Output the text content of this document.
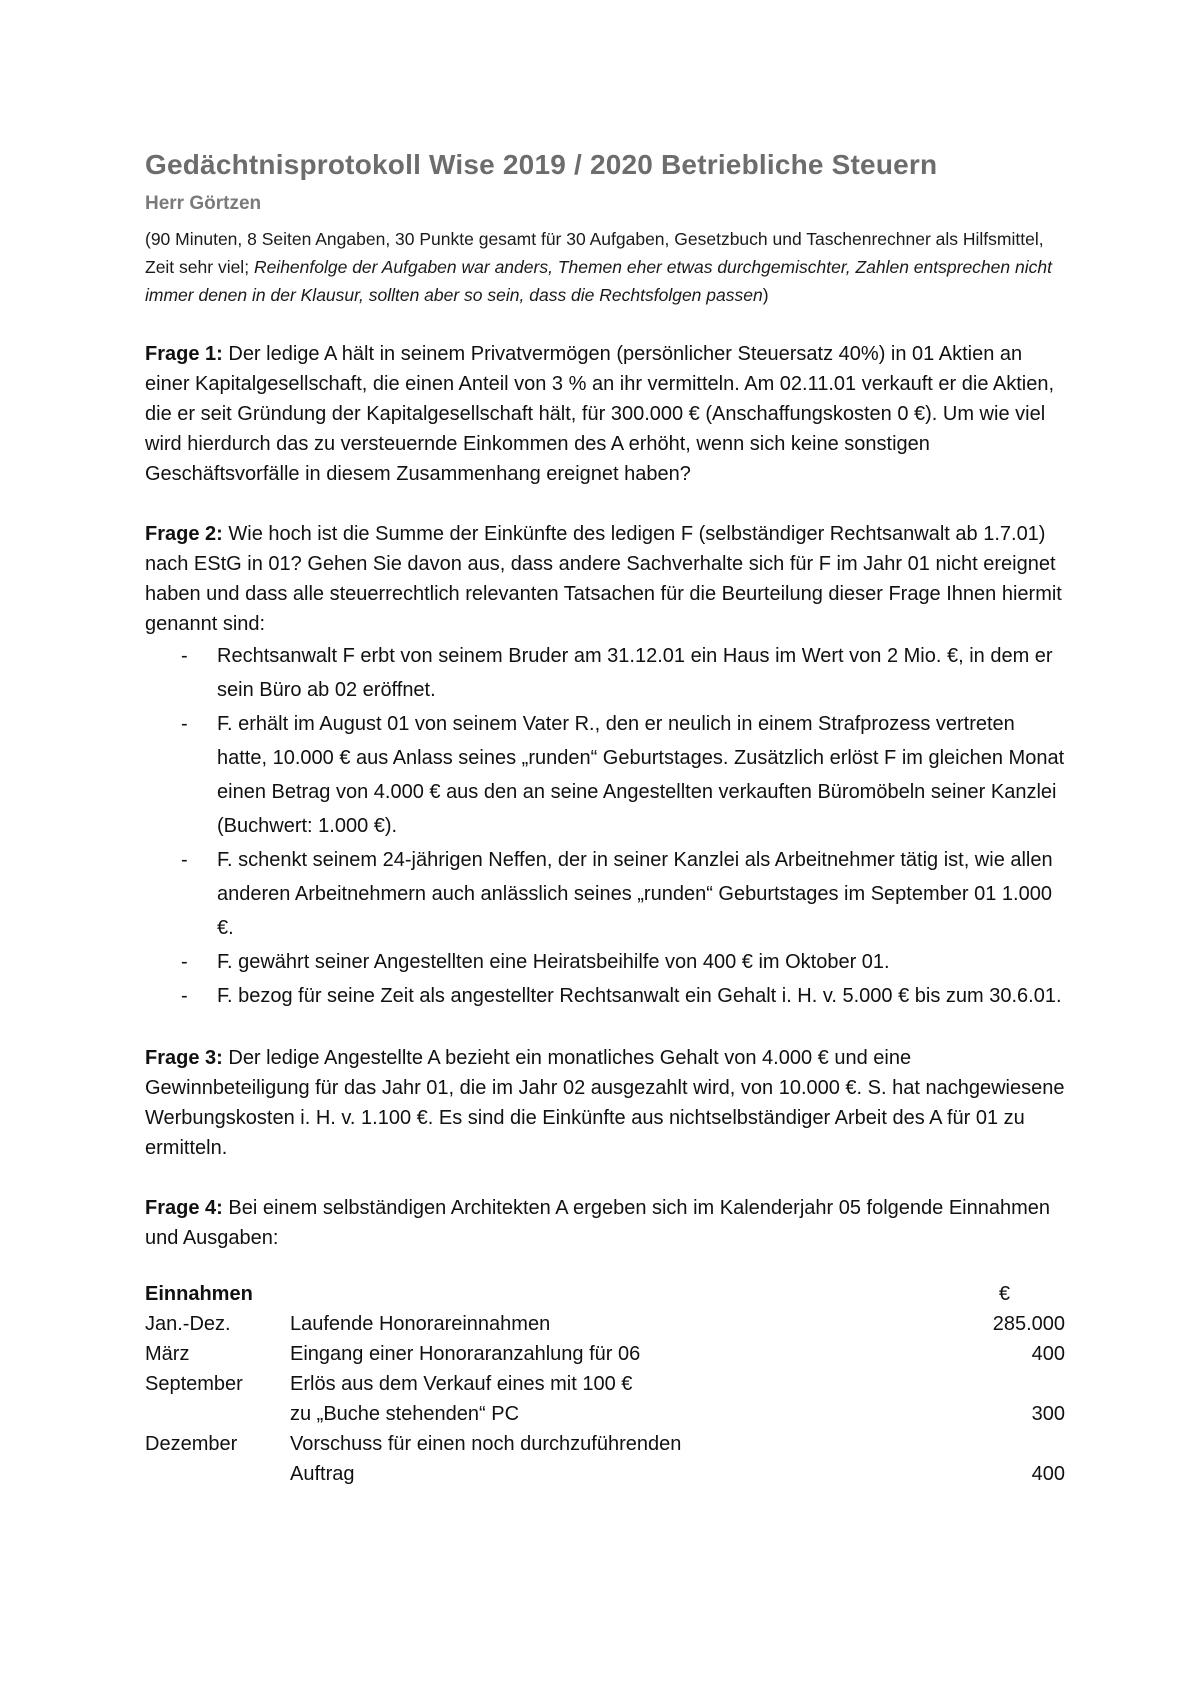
Gedächtnisprotokoll Wise 2019 / 2020 Betriebliche Steuern
Herr Görtzen
(90 Minuten, 8 Seiten Angaben, 30 Punkte gesamt für 30 Aufgaben, Gesetzbuch und Taschenrechner als Hilfsmittel, Zeit sehr viel; Reihenfolge der Aufgaben war anders, Themen eher etwas durchgemischter, Zahlen entsprechen nicht immer denen in der Klausur, sollten aber so sein, dass die Rechtsfolgen passen)
Frage 1: Der ledige A hält in seinem Privatvermögen (persönlicher Steuersatz 40%) in 01 Aktien an einer Kapitalgesellschaft, die einen Anteil von 3 % an ihr vermitteln. Am 02.11.01 verkauft er die Aktien, die er seit Gründung der Kapitalgesellschaft hält, für 300.000 € (Anschaffungskosten 0 €). Um wie viel wird hierdurch das zu versteuernde Einkommen des A erhöht, wenn sich keine sonstigen Geschäftsvorfälle in diesem Zusammenhang ereignet haben?
Frage 2: Wie hoch ist die Summe der Einkünfte des ledigen F (selbständiger Rechtsanwalt ab 1.7.01) nach EStG in 01? Gehen Sie davon aus, dass andere Sachverhalte sich für F im Jahr 01 nicht ereignet haben und dass alle steuerrechtlich relevanten Tatsachen für die Beurteilung dieser Frage Ihnen hiermit genannt sind:
- Rechtsanwalt F erbt von seinem Bruder am 31.12.01 ein Haus im Wert von 2 Mio. €, in dem er sein Büro ab 02 eröffnet.
- F. erhält im August 01 von seinem Vater R., den er neulich in einem Strafprozess vertreten hatte, 10.000 € aus Anlass seines „runden“ Geburtstages. Zusätzlich erlöst F im gleichen Monat einen Betrag von 4.000 € aus den an seine Angestellten verkauften Büromöbeln seiner Kanzlei (Buchwert: 1.000 €).
- F. schenkt seinem 24-jährigen Neffen, der in seiner Kanzlei als Arbeitnehmer tätig ist, wie allen anderen Arbeitnehmern auch anlässlich seines „runden“ Geburtstages im September 01 1.000 €.
- F. gewährt seiner Angestellten eine Heiratsbeihilfe von 400 € im Oktober 01.
- F. bezog für seine Zeit als angestellter Rechtsanwalt ein Gehalt i. H. v. 5.000 € bis zum 30.6.01.
Frage 3: Der ledige Angestellte A bezieht ein monatliches Gehalt von 4.000 € und eine Gewinnbeteiligung für das Jahr 01, die im Jahr 02 ausgezahlt wird, von 10.000 €. S. hat nachgewiesene Werbungskosten i. H. v. 1.100 €. Es sind die Einkünfte aus nichtselbständiger Arbeit des A für 01 zu ermitteln.
Frage 4: Bei einem selbständigen Architekten A ergeben sich im Kalenderjahr 05 folgende Einnahmen und Ausgaben:
Einnahmen		€
Jan.-Dez.	Laufende Honorareinnahmen	285.000
März	Eingang einer Honoraranzahlung für 06	400
September	Erlös aus dem Verkauf eines mit 100 €	
	zu „Buche stehenden“ PC	300
Dezember	Vorschuss für einen noch durchzuführenden	
	Auftrag	400
